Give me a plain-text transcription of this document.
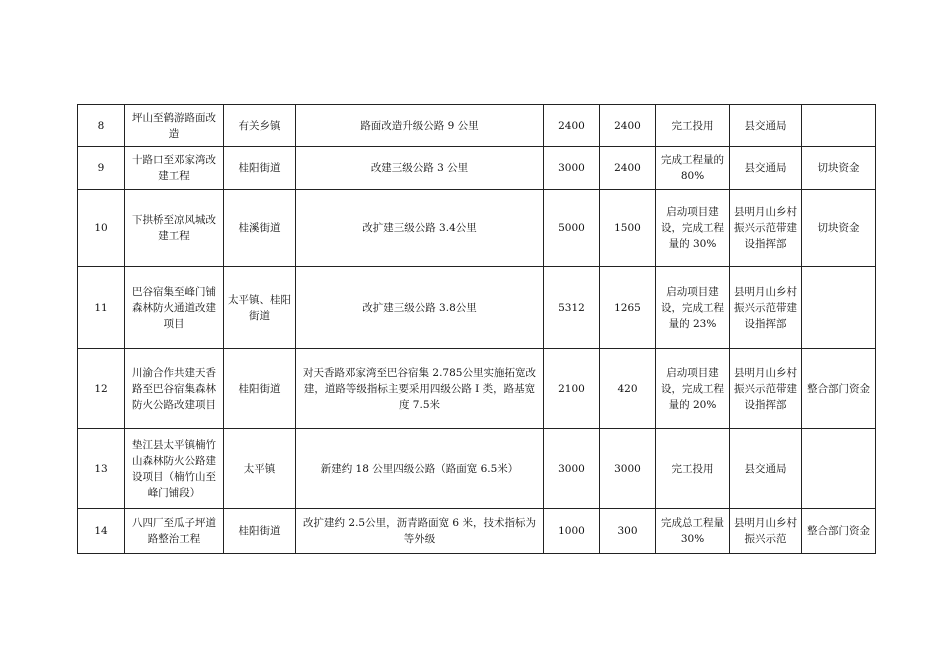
8	坪山至鹤游路面改造	有关乡镇	路面改造升级公路 9 公里	2400	2400	完工投用	县交通局	
9	十路口至邓家湾改建工程	桂阳街道	改建三级公路 3 公里	3000	2400	完成工程量的 80%	县交通局	切块资金
10	下拱桥至凉风城改建工程	桂溪街道	改扩建三级公路 3.4公里	5000	1500	启动项目建设，完成工程量的 30%	县明月山乡村振兴示范带建设指挥部	切块资金
11	巴谷宿集至峰门铺森林防火通道改建项目	太平镇、桂阳街道	改扩建三级公路 3.8公里	5312	1265	启动项目建设，完成工程量的 23%	县明月山乡村振兴示范带建设指挥部	
12	川渝合作共建天香路至巴谷宿集森林防火公路改建项目	桂阳街道	对天香路邓家湾至巴谷宿集 2.785公里实施拓宽改建，道路等级指标主要采用四级公路 I 类，路基宽度 7.5米	2100	420	启动项目建设，完成工程量的 20%	县明月山乡村振兴示范带建设指挥部	整合部门资金
13	垫江县太平镇楠竹山森林防火公路建设项目（楠竹山至峰门铺段）	太平镇	新建约 18 公里四级公路（路面宽 6.5米）	3000	3000	完工投用	县交通局	
14	八四厂至瓜子坪道路整治工程	桂阳街道	改扩建约 2.5公里，沥青路面宽 6 米，技术指标为等外级	1000	300	完成总工程量 30%	县明月山乡村振兴示范	整合部门资金
